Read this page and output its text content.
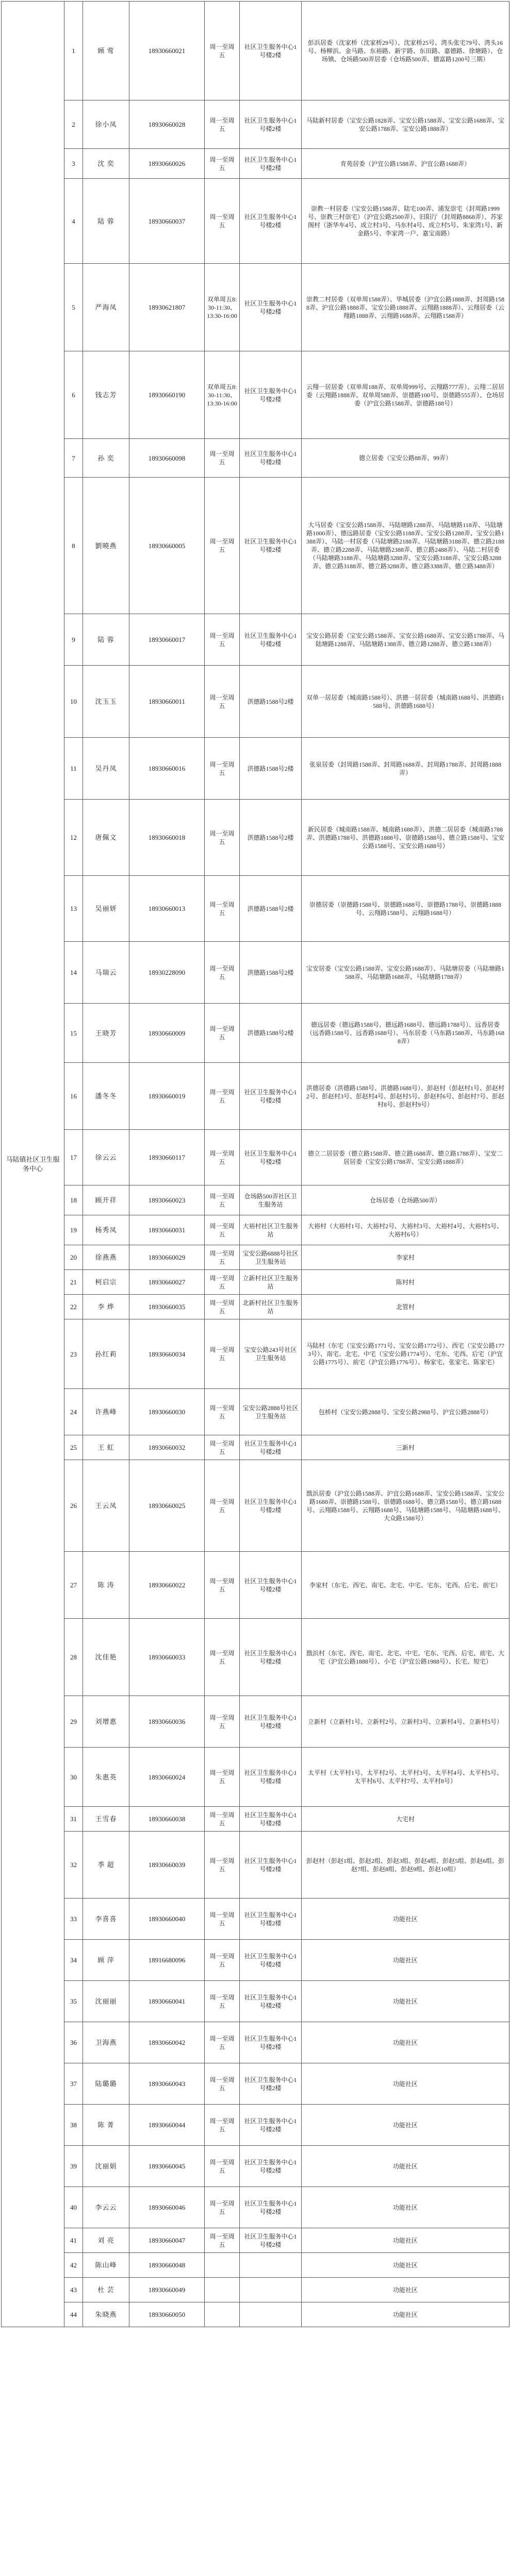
马陆镇社区卫生服务中心	1	顾 莺	18930660021	周一至周五	社区卫生服务中心1号楼2楼	彭浜居委（沈家桥（沈家桥29号）、沈家桥25号、湾头张宅79号、湾头16号、杨柳浜、金马路、东裕路、新宇路、东田路、嘉德路、徐塘路）、仓场镇、仓场路500弄居委（仓场路500弄、德富路1200号三期）
	2	徐小凤	18930660028	周一至周五	社区卫生服务中心1号楼2楼	马陆新村居委（宝安公路1828弄、宝安公路1588弄、宝安公路1688弄、宝安公路1788弄、宝安公路1888弄）
	3	沈 奕	18930660026	周一至周五	社区卫生服务中心1号楼2楼	育苑居委（沪宜公路1588弄、沪宜公路1688弄）
	4	陆 蓉	18930660037	周一至周五	社区卫生服务中心1号楼2楼	崇教一村居委（宝安公路1588弄、陆宅100弄、浦发崇宅（封周路1999号、崇教三村崇宅）（沪宜公路2500弄）、旧阳厅（封周路8868弄）、苏家阁村（浙华车4号、成立村3号、马东村4号、成立村5号、朱家湾1号、新金路5号、李家湾一户、嘉宝南路）
	5	严海凤	18930621807	双单周五8:30-11:30、13:30-16:00	社区卫生服务中心1号楼2楼	崇教二村居委（双单周1588弄）、华城居委（沪宜公路1888弄、封周路1588弄、沪宜公路1888弄、宝安公路1888弄、云翔路1888弄）、云翔居委（云翔路1888弄、云翔路1688弄、云翔路1588弄）
	6	钱志芳	18930660190	双单周五8:30-11:30、13:30-16:00	社区卫生服务中心1号楼2楼	云翔一居居委（双单周188弄、双单周999号、云翔路777弄）、云翔二居居委（云翔路1888弄、双单周588弄、崇德路100号、崇德路555弄）、仓场居委（沪宜公路1588弄、崇德路188号）
	7	孙 奕	18930660098	周一至周五	社区卫生服务中心1号楼2楼	德立居委（宝安公路88弄、99弄）
	8	劉曉燕	18930660005	周一至周五	社区卫生服务中心1号楼2楼	大马居委（宝安公路1588弄、马陆塘路1288弄、马陆塘路118弄、马陆塘路1000弄）、德远路居委（宝安公路1188弄、宝安公路1288弄、宝安公路1388弄）、马陆一村居委（马陆塘路2188弄、马陆塘路3188弄、德立路2188弄、德立路2288弄、马陆塘路2388弄、德立路2488弄）、马陆二村居委（马陆塘路3188弄、马陆塘路3288弄、宝安公路3188弄、宝安公路3288弄、德立路3188弄、德立路3288弄、德立路3388弄、德立路3488弄）
	9	陆 蓉	18930660017	周一至周五	社区卫生服务中心1号楼2楼	宝安公路居委（宝安公路1588弄、宝安公路1688弄、宝安公路1788弄、马陆塘路1288弄、马陆塘路1388弄、德立路1288弄、德立路1388弄）
	10	沈玉玉	18930660011	周一至周五	洪德路1588号2楼	双单一居居委（城南路1588号）、洪德一居居委（城南路1688号、洪德路1588号、洪德路1688号）
	11	吴丹凤	18930660016	周一至周五	洪德路1588号2楼	张泉居委（封周路1588弄、封周路1688弄、封周路1788弄、封周路1888弄）
	12	唐佩文	18930660018	周一至周五	洪德路1588号2楼	新民居委（城南路1588弄、城南路1688弄）、洪德二居居委（城南路1788弄、洪德路1788号、洪德路1888号、崇德路1588号、德立路1588号、宝安公路1588号、宝安公路1688号）
	13	吴丽妍	18930660013	周一至周五	洪德路1588号2楼	崇德居委（崇德路1588号、崇德路1688号、崇德路1788号、崇德路1888号、云翔路1588号、云翔路1688号）
	14	马瑞云	18930228090	周一至周五	洪德路1588号2楼	宝安居委（宝安公路1588弄、宝安公路1688弄）、马陆塘居委（马陆塘路1588弄、马陆塘路1688弄、马陆塘路1788弄）
	15	王晓芳	18930660009	周一至周五	洪德路1588号2楼	德远居委（德远路1588号、德远路1688号、德远路1788号）、远香居委（远香路1588号、远香路1688号）、马东居委（马东路1588弄、马东路1688弄）
	16	潘冬冬	18930660019	周一至周五	社区卫生服务中心1号楼2楼	洪德居委（洪德路1588号、洪德路1688号）、彭赵村（彭赵村1号、彭赵村2号、彭赵村3号、彭赵村4号、彭赵村5号、彭赵村6号、彭赵村7号、彭赵村8号、彭赵村9号）
	17	徐云云	18930660117	周一至周五	社区卫生服务中心1号楼2楼	德立二居居委（德立路1588弄、德立路1688弄、德立路1788弄）、宝安二居居委（宝安公路1788弄、宝安公路1888弄）
	18	顾开祥	18930660023	周一至周五	仓场路500弄社区卫生服务站	仓场居委（仓场路500弄）
	19	杨秀凤	18930660031	周一至周五	大裕村社区卫生服务站	大裕村（大裕村1号、大裕村2号、大裕村3号、大裕村4号、大裕村5号、大裕村6号）
	20	徐燕燕	18930660029	周一至周五	宝安公路6888号社区卫生服务站	李家村
	21	柯启宗	18930660027	周一至周五	立新村社区卫生服务站	陈村村
	22	李 烨	18930660035	周一至周五	北新村社区卫生服务站	北管村
	23	孙红莉	18930660034	周一至周五	宝安公路243号社区卫生服务站	马陆村（东宅（宝安公路1771号、宝安公路1772号）、西宅（宝安公路1773号）、南宅、北宅、中宅（宝安公路1774号）、宅东、宅西、后宅（沪宜公路1775号）、前宅（沪宜公路1776号）、杨家宅、张家宅、陈家宅）
	24	许燕峰	18930660030	周一至周五	宝安公路2888号社区卫生服务站	包桥村（宝安公路2888号、宝安公路2988号、沪宜公路2888号）
	25	王 虹	18930660032	周一至周五	社区卫生服务中心1号楼2楼	三新村
	26	王云凤	18930660025	周一至周五	社区卫生服务中心1号楼2楼	戬浜居委（沪宜公路1588弄、沪宜公路1688弄、宝安公路1588弄、宝安公路1688弄、崇德路1588号、崇德路1688号、德立路1588号、德立路1688号、云翔路1588号、云翔路1688号、马陆塘路1588号、马陆塘路1688号、大众路1588号）
	27	陈 涛	18930660022	周一至周五	社区卫生服务中心1号楼2楼	李家村（东宅、西宅、南宅、北宅、中宅、宅东、宅西、后宅、前宅）
	28	沈佳艳	18930660033	周一至周五	社区卫生服务中心1号楼2楼	戬浜村（东宅、西宅、南宅、北宅、中宅、宅东、宅西、后宅、前宅、大宅（沪宜公路1888号）、小宅（沪宜公路1988号）、长宅、短宅）
	29	刘增惠	18930660036	周一至周五	社区卫生服务中心1号楼2楼	立新村（立新村1号、立新村2号、立新村3号、立新村4号、立新村5号）
	30	朱惠英	18930660024	周一至周五	社区卫生服务中心1号楼2楼	太平村（太平村1号、太平村2号、太平村3号、太平村4号、太平村5号、太平村6号、太平村7号、太平村8号）
	31	王雪春	18930660038	周一至周五	社区卫生服务中心1号楼2楼	大宅村
	32	季 超	18930660039	周一至周五	社区卫生服务中心1号楼2楼	彭赵村（彭赵1组、彭赵2组、彭赵3组、彭赵4组、彭赵5组、彭赵6组、彭赵7组、彭赵8组、彭赵9组、彭赵10组）
	33	李喜喜	18930660040	周一至周五	社区卫生服务中心1号楼2楼	功能社区
	34	顾 萍	18916680096	周一至周五	社区卫生服务中心1号楼2楼	功能社区
	35	沈丽丽	18930660041	周一至周五	社区卫生服务中心1号楼2楼	功能社区
	36	卫海燕	18930660042	周一至周五	社区卫生服务中心1号楼2楼	功能社区
	37	陆璐璐	18930660043	周一至周五	社区卫生服务中心1号楼2楼	功能社区
	38	陈 菁	18930660044	周一至周五	社区卫生服务中心1号楼2楼	功能社区
	39	沈丽娟	18930660045	周一至周五	社区卫生服务中心1号楼2楼	功能社区
	40	李云云	18930660046	周一至周五	社区卫生服务中心1号楼2楼	功能社区
	41	刘 亮	18930660047	周一至周五	社区卫生服务中心1号楼2楼	功能社区
	42	陈山峰	18930660048			功能社区
	43	杜 芸	18930660049			功能社区
	44	朱晓燕	18930660050			功能社区
